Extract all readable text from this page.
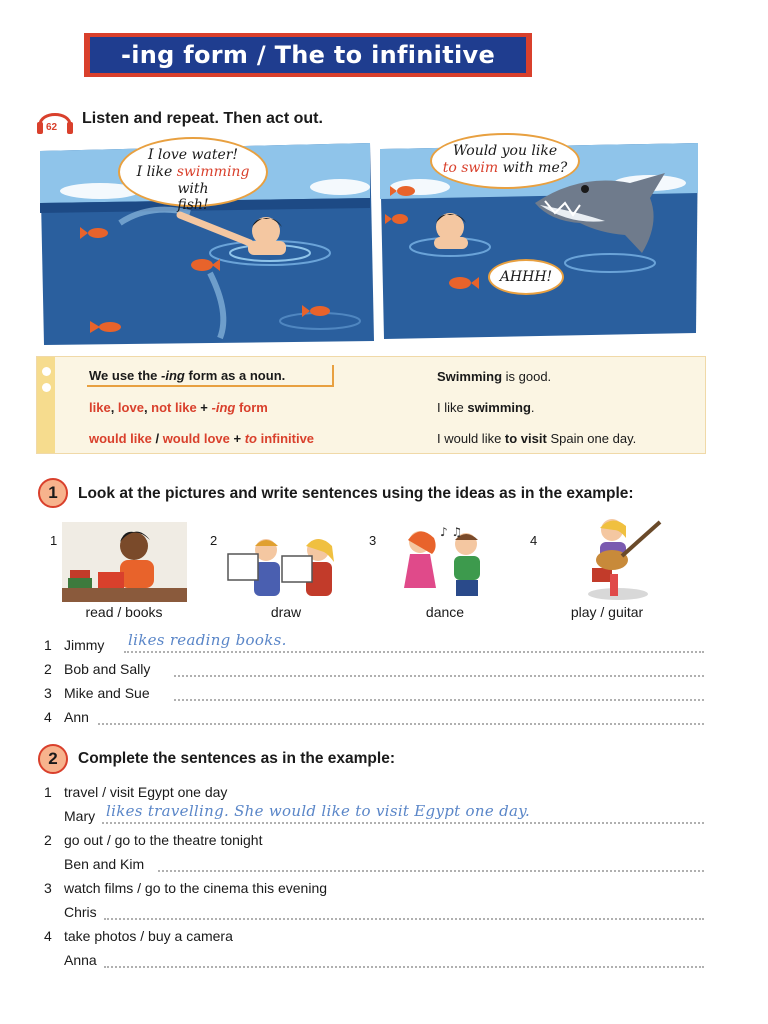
-ing form / The to infinitive
62
Listen and repeat. Then act out.
I love water!
I like swimming with
fish!
Would you like
to swim with me?
AHHH!
We use the -ing form as a noun.
like, love, not like + -ing form
would like / would love + to infinitive
Swimming is good.
I like swimming.
I would like to visit Spain one day.
1	Look at the pictures and write sentences using the ideas as in the example:
1
read / books
2
draw
3
♪ ♫
dance
4
play / guitar
1 Jimmy likes reading books.
2 Bob and Sally
3 Mike and Sue
4 Ann
2	Complete the sentences as in the example:
1 travel / visit Egypt one day
Mary likes travelling. She would like to visit Egypt one day.
2 go out / go to the theatre tonight
Ben and Kim
3 watch films / go to the cinema this evening
Chris
4 take photos / buy a camera
Anna
